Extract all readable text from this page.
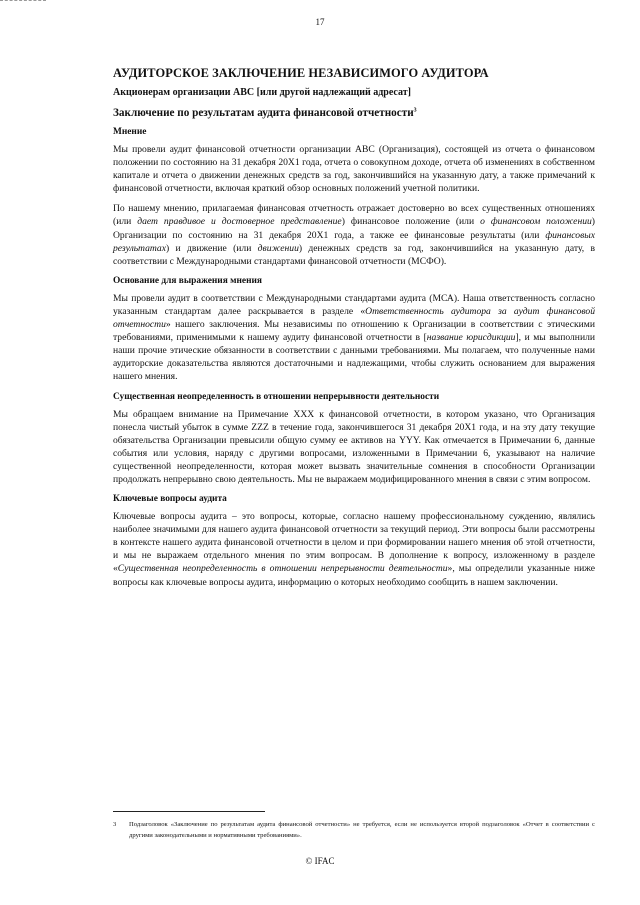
17
АУДИТОРСКОЕ ЗАКЛЮЧЕНИЕ НЕЗАВИСИМОГО АУДИТОРА
Акционерам организации ABC [или другой надлежащий адресат]
Заключение по результатам аудита финансовой отчетности$^3$
Мнение

Мы провели аудит финансовой отчетности организации ABC (Организация), состоящей из отчета о финансовом положении по состоянию на 31 декабря 20X1 года, отчета о совокупном доходе, отчета об изменениях в собственном капитале и отчета о движении денежных средств за год, закончившийся на указанную дату, а также примечаний к финансовой отчетности, включая краткий обзор основных положений учетной политики.

По нашему мнению, прилагаемая финансовая отчетность отражает достоверно во всех существенных отношениях (или дает правдивое и достоверное представление) финансовое положение (или о финансовом положении) Организации по состоянию на 31 декабря 20X1 года, а также ее финансовые результаты (или финансовых результатах) и движение (или движении) денежных средств за год, закончившийся на указанную дату, в соответствии с Международными стандартами финансовой отчетности (МСФО).

Основание для выражения мнения

Мы провели аудит в соответствии с Международными стандартами аудита (МСА). Наша ответственность согласно указанным стандартам далее раскрывается в разделе «Ответственность аудитора за аудит финансовой отчетности» нашего заключения. Мы независимы по отношению к Организации в соответствии с этическими требованиями, применимыми к нашему аудиту финансовой отчетности в [название юрисдикции], и мы выполнили наши прочие этические обязанности в соответствии с данными требованиями. Мы полагаем, что полученные нами аудиторские доказательства являются достаточными и надлежащими, чтобы служить основанием для выражения нашего мнения.

Существенная неопределенность в отношении непрерывности деятельности

Мы обращаем внимание на Примечание XXX к финансовой отчетности, в котором указано, что Организация понесла чистый убыток в сумме ZZZ в течение года, закончившегося 31 декабря 20X1 года, и на эту дату текущие обязательства Организации превысили общую сумму ее активов на YYY. Как отмечается в Примечании 6, данные события или условия, наряду с другими вопросами, изложенными в Примечании 6, указывают на наличие существенной неопределенности, которая может вызвать значительные сомнения в способности Организации продолжать непрерывно свою деятельность. Мы не выражаем модифицированного мнения в связи с этим вопросом.

Ключевые вопросы аудита

Ключевые вопросы аудита – это вопросы, которые, согласно нашему профессиональному суждению, являлись наиболее значимыми для нашего аудита финансовой отчетности за текущий период. Эти вопросы были рассмотрены в контексте нашего аудита финансовой отчетности в целом и при формировании нашего мнения об этой отчетности, и мы не выражаем отдельного мнения по этим вопросам. В дополнение к вопросу, изложенному в разделе «Существенная неопределенность в отношении непрерывности деятельности», мы определили указанные ниже вопросы как ключевые вопросы аудита, информацию о которых необходимо сообщить в нашем заключении.

3 Подзаголовок «Заключение по результатам аудита финансовой отчетности» не требуется, если не используется второй подзаголовок «Отчет в соответствии с другими законодательными и нормативными требованиями».
© IFAC
